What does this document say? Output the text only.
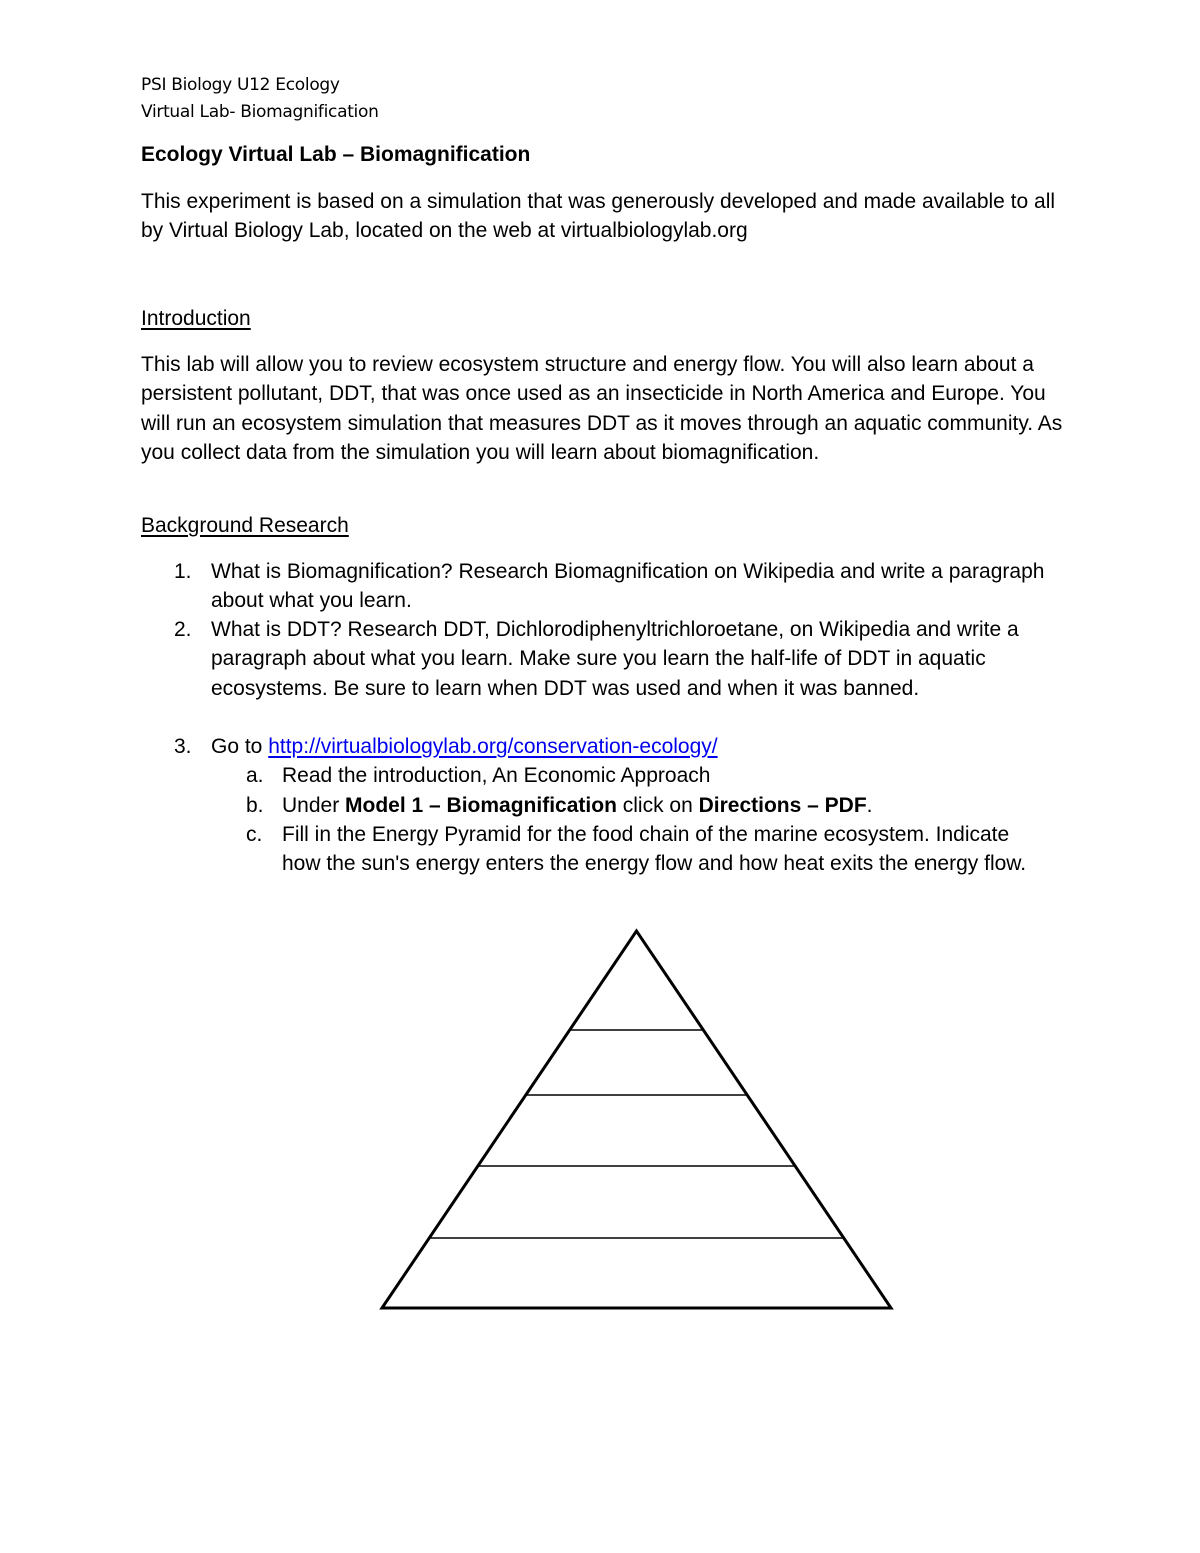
PSI Biology U12 Ecology
Virtual Lab- Biomagnification
Ecology Virtual Lab – Biomagnification
This experiment is based on a simulation that was generously developed and made available to all by Virtual Biology Lab, located on the web at virtualbiologylab.org
Introduction
This lab will allow you to review ecosystem structure and energy flow. You will also learn about a persistent pollutant, DDT, that was once used as an insecticide in North America and Europe. You will run an ecosystem simulation that measures DDT as it moves through an aquatic community. As you collect data from the simulation you will learn about biomagnification.
Background Research
1. What is Biomagnification? Research Biomagnification on Wikipedia and write a paragraph about what you learn.
2. What is DDT? Research DDT, Dichlorodiphenyltrichloroetane, on Wikipedia and write a paragraph about what you learn. Make sure you learn the half-life of DDT in aquatic ecosystems. Be sure to learn when DDT was used and when it was banned.
3. Go to http://virtualbiologylab.org/conservation-ecology/
a. Read the introduction, An Economic Approach
b. Under Model 1 – Biomagnification click on Directions – PDF.
c. Fill in the Energy Pyramid for the food chain of the marine ecosystem. Indicate how the sun's energy enters the energy flow and how heat exits the energy flow.
